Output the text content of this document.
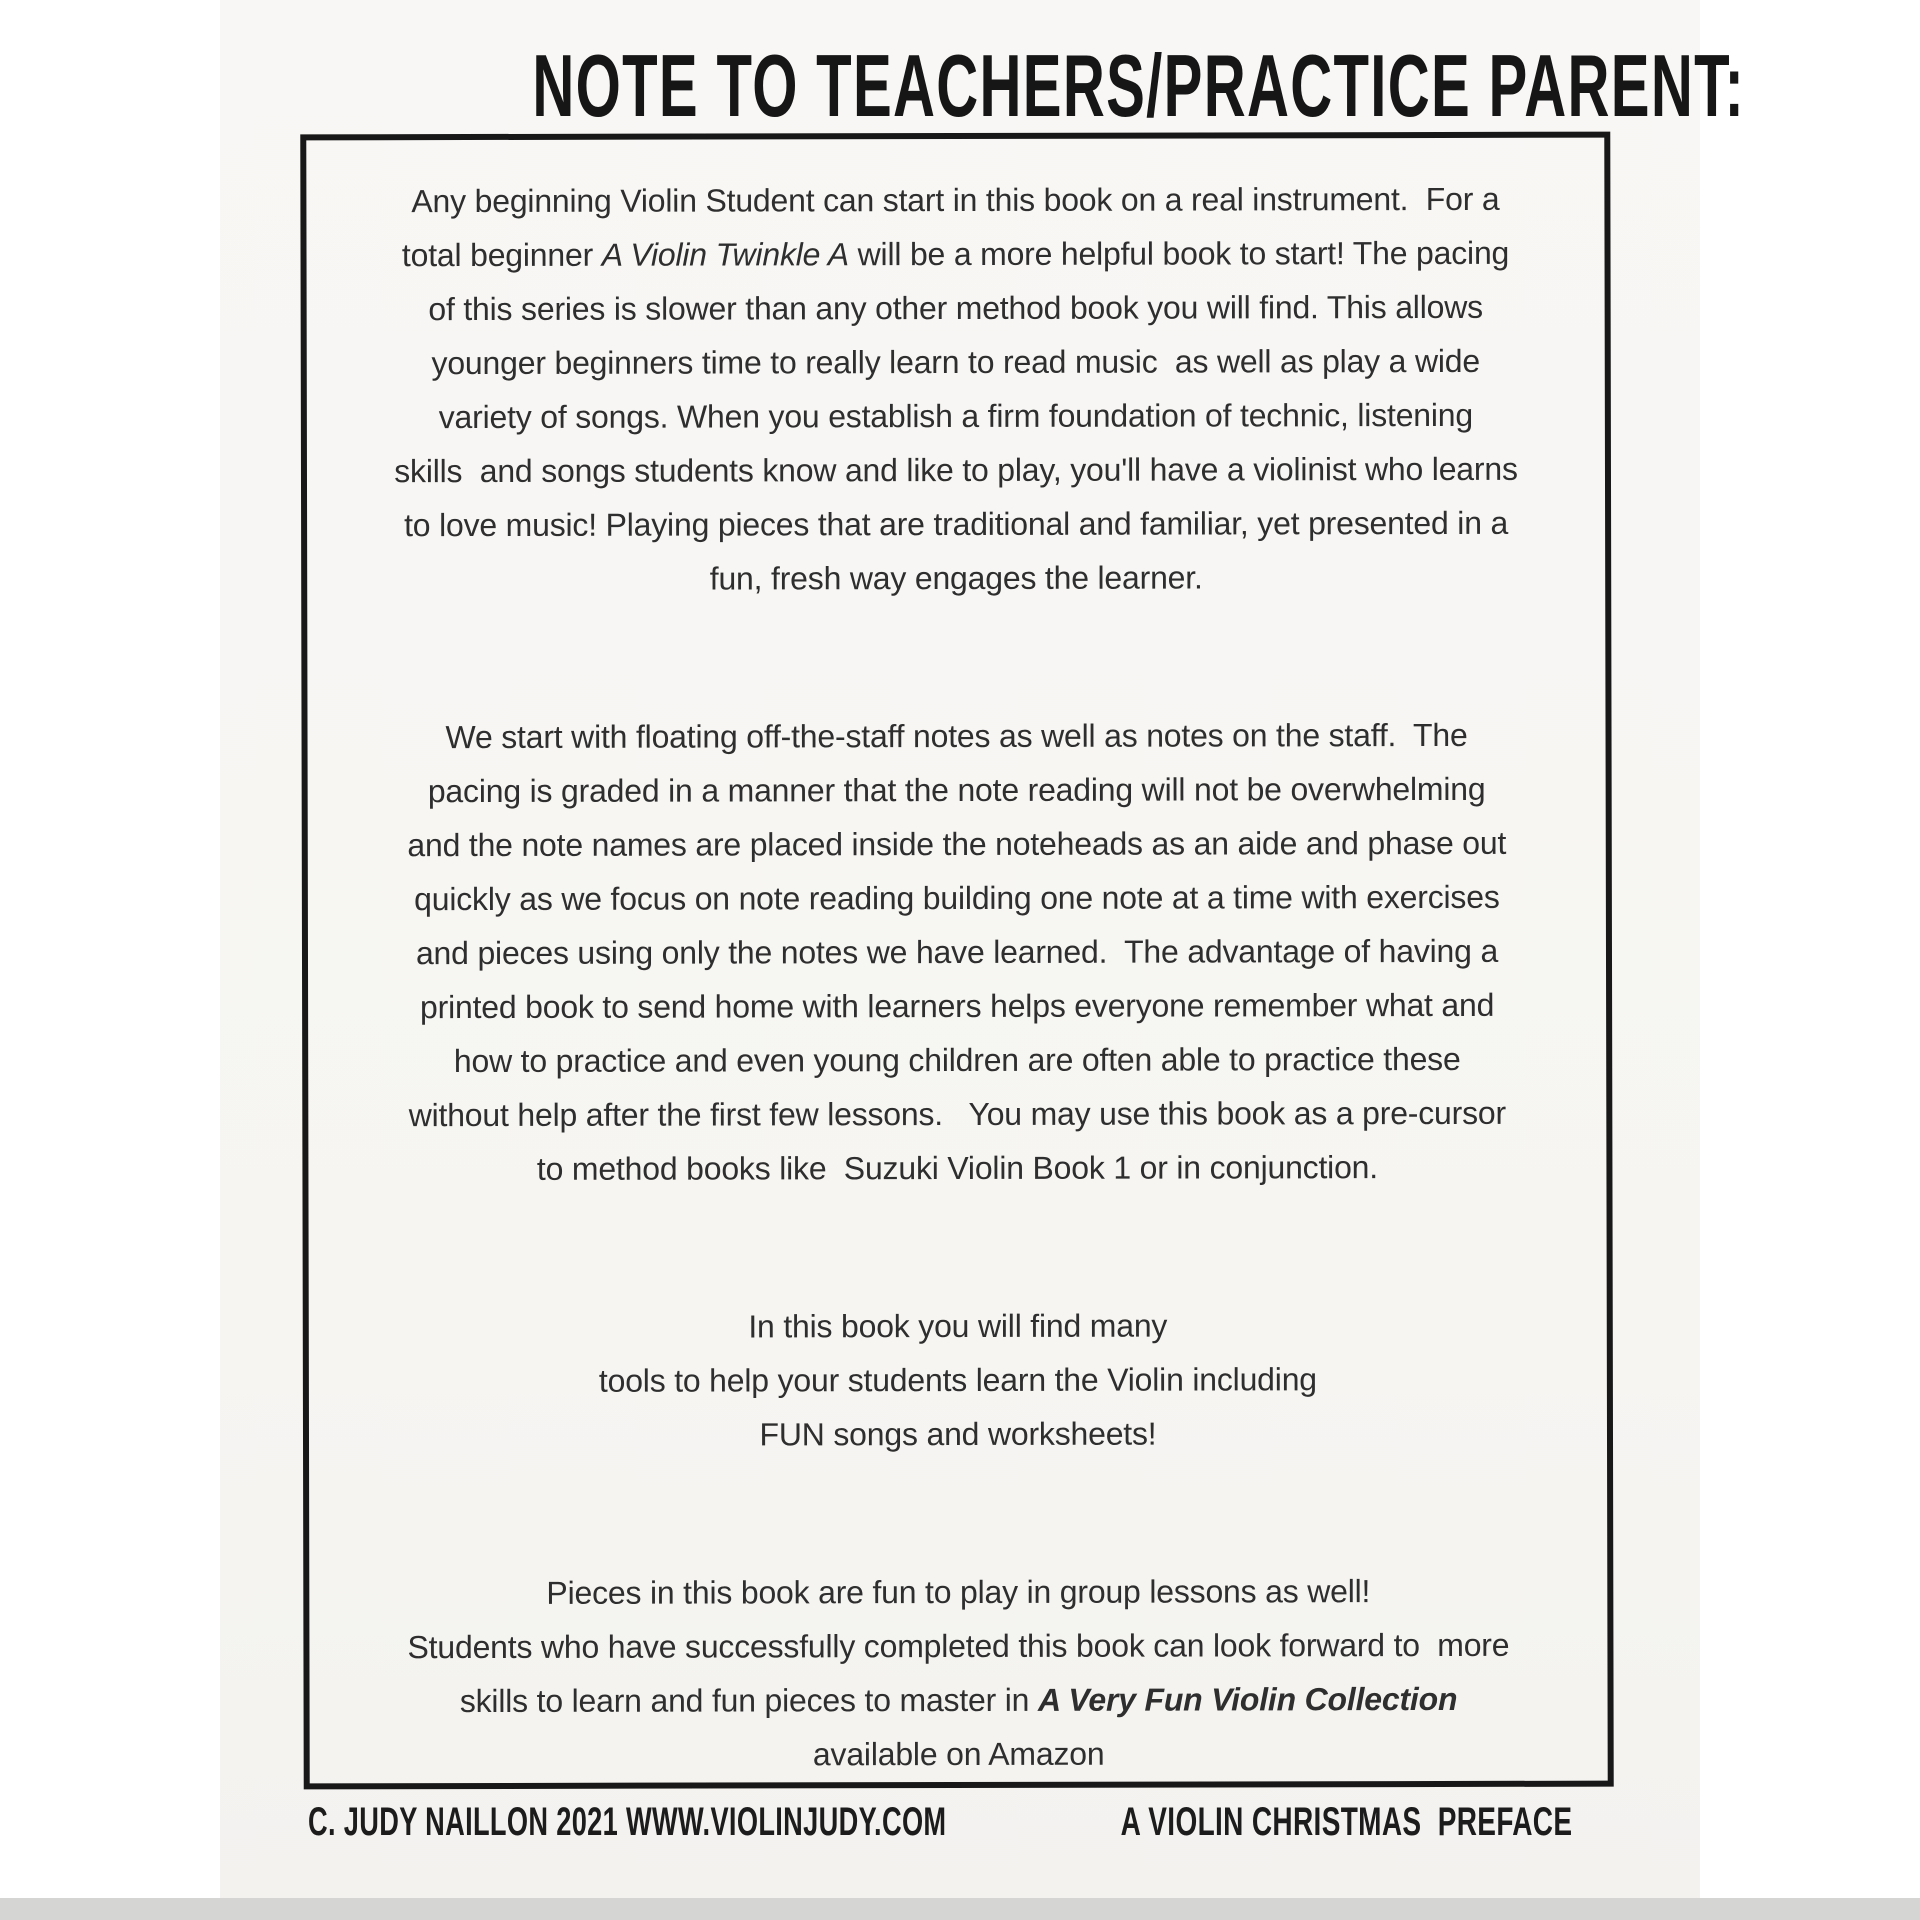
NOTE TO TEACHERS/PRACTICE PARENT:
Any beginning Violin Student can start in this book on a real instrument.  For a
total beginner A Violin Twinkle A will be a more helpful book to start! The pacing
of this series is slower than any other method book you will find. This allows
younger beginners time to really learn to read music  as well as play a wide
variety of songs. When you establish a firm foundation of technic, listening
skills  and songs students know and like to play, you'll have a violinist who learns
to love music! Playing pieces that are traditional and familiar, yet presented in a
fun, fresh way engages the learner.
We start with floating off-the-staff notes as well as notes on the staff.  The
pacing is graded in a manner that the note reading will not be overwhelming
and the note names are placed inside the noteheads as an aide and phase out
quickly as we focus on note reading building one note at a time with exercises
and pieces using only the notes we have learned.  The advantage of having a
printed book to send home with learners helps everyone remember what and
how to practice and even young children are often able to practice these
without help after the first few lessons.   You may use this book as a pre-cursor
to method books like  Suzuki Violin Book 1 or in conjunction.
In this book you will find many
tools to help your students learn the Violin including
FUN songs and worksheets!
Pieces in this book are fun to play in group lessons as well!
Students who have successfully completed this book can look forward to  more
skills to learn and fun pieces to master in A Very Fun Violin Collection
available on Amazon
C. JUDY NAILLON 2021 WWW.VIOLINJUDY.COM	A VIOLIN CHRISTMAS  PREFACE
